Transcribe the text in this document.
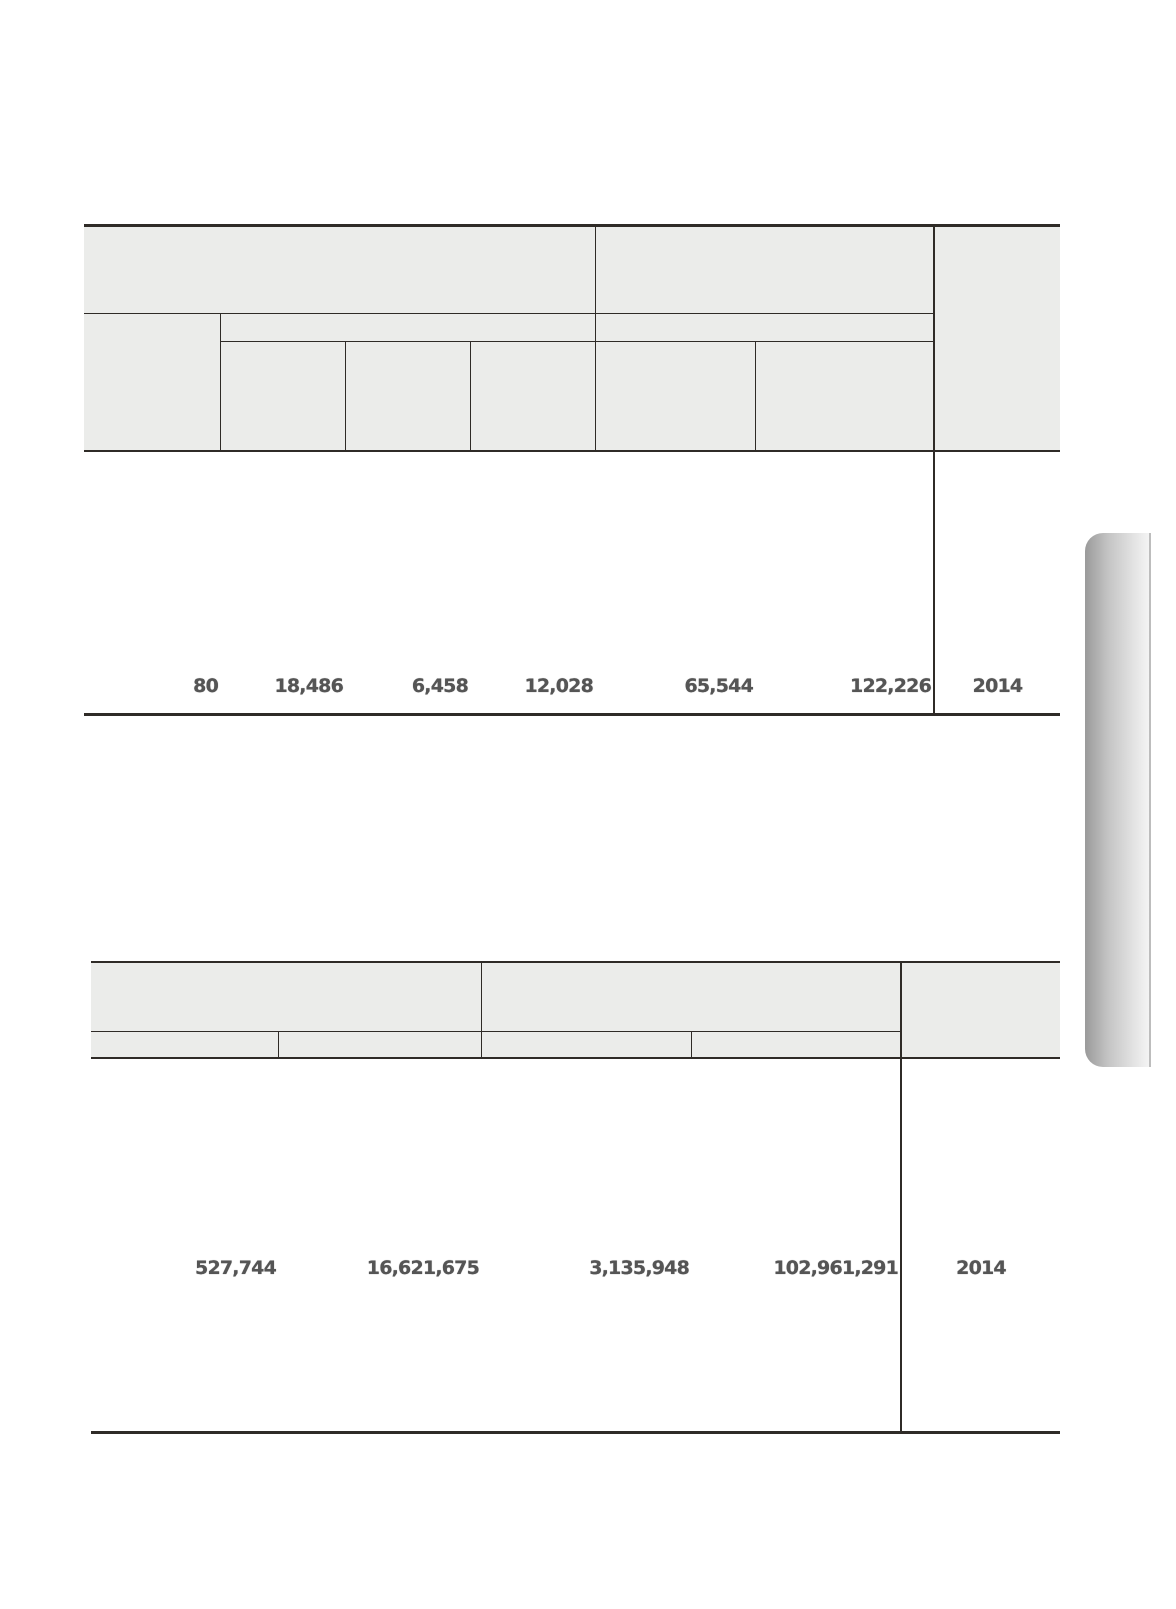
80	18,486	6,458	12,028	65,544	122,226	2014
527,744	16,621,675	3,135,948	102,961,291	2014
